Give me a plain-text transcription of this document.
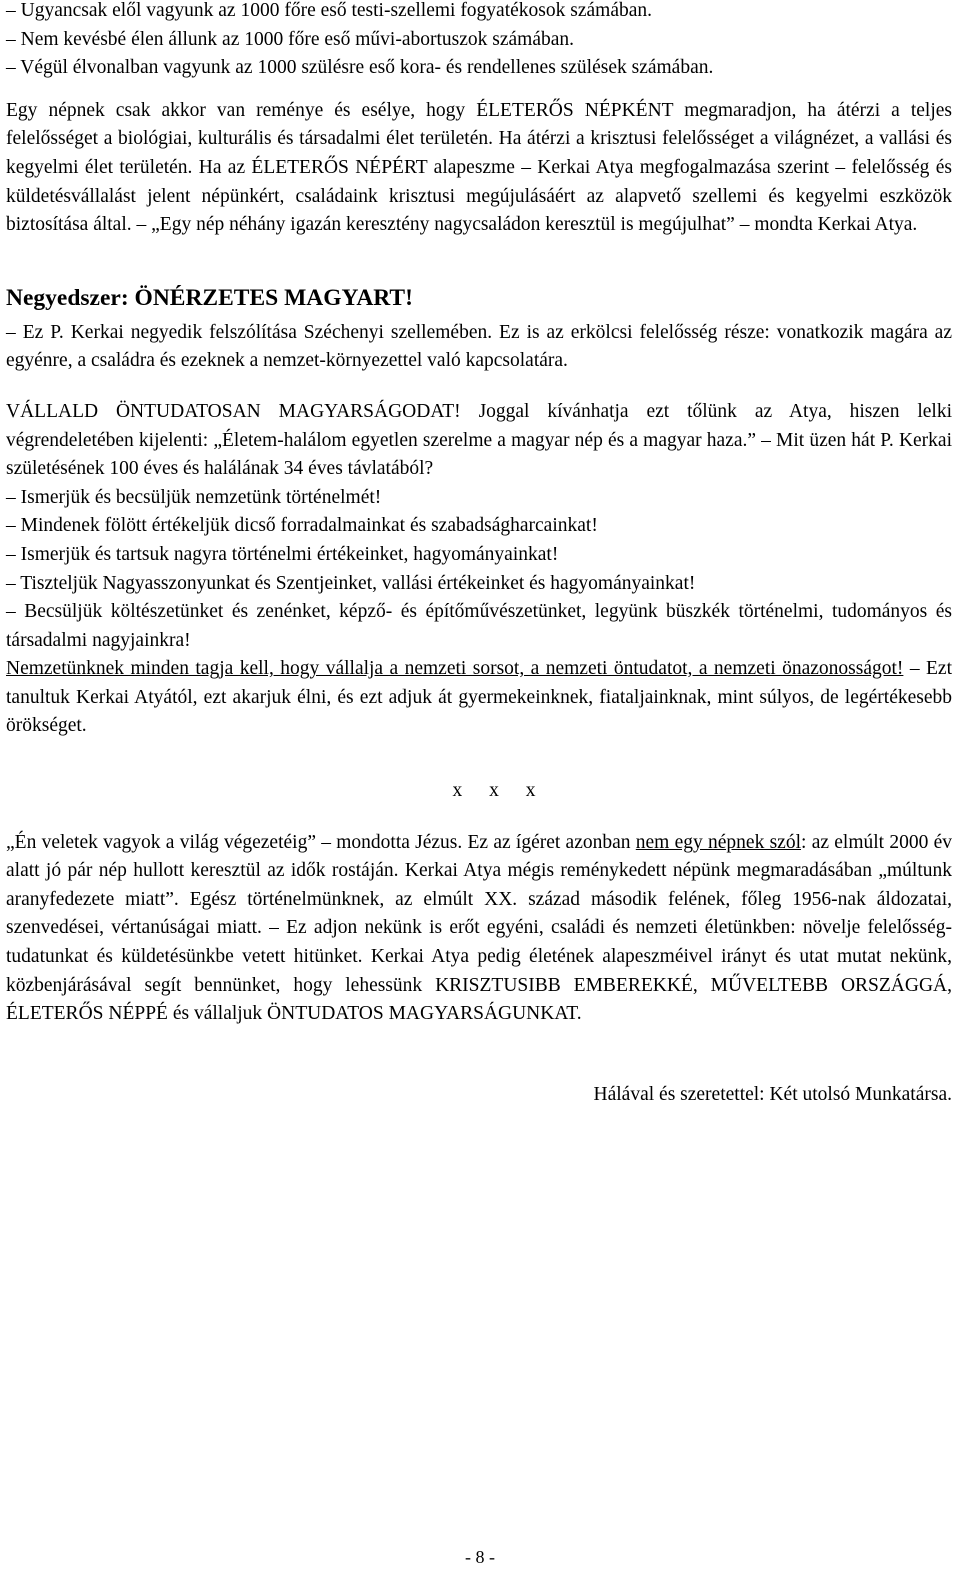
– Ugyancsak elől vagyunk az 1000 főre eső testi-szellemi fogyatékosok számában.
– Nem kevésbé élen állunk az 1000 főre eső művi-abortuszok számában.
– Végül élvonalban vagyunk az 1000 szülésre eső kora- és rendellenes szülések számában.

Egy népnek csak akkor van reménye és esélye, hogy ÉLETERŐS NÉPKÉNT megmaradjon, ha átérzi a teljes felelősséget a biológiai, kulturális és társadalmi élet területén. Ha átérzi a krisztusi felelősséget a világnézet, a vallási és kegyelmi élet területén. Ha az ÉLETERŐS NÉPÉRT alapeszme – Kerkai Atya megfogalmazása szerint – felelősség és küldetésvállalást jelent népünkért, családaink krisztusi megújulásáért az alapvető szellemi és kegyelmi eszközök biztosítása által. – „Egy nép néhány igazán keresztény nagycsaládon keresztül is megújulhat” – mondta Kerkai Atya.

Negyedszer: ÖNÉRZETES MAGYART!

– Ez P. Kerkai negyedik felszólítása Széchenyi szellemében. Ez is az erkölcsi felelősség része: vonatkozik magára az egyénre, a családra és ezeknek a nemzet-környezettel való kapcsolatára.

VÁLLALD ÖNTUDATOSAN MAGYARSÁGODAT! Joggal kívánhatja ezt tőlünk az Atya, hiszen lelki végrendeletében kijelenti: „Életem-halálom egyetlen szerelme a magyar nép és a magyar haza.” – Mit üzen hát P. Kerkai születésének 100 éves és halálának 34 éves távlatából?

– Ismerjük és becsüljük nemzetünk történelmét!
– Mindenek fölött értékeljük dicső forradalmainkat és szabadságharcainkat!
– Ismerjük és tartsuk nagyra történelmi értékeinket, hagyományainkat!
– Tiszteljük Nagyasszonyunkat és Szentjeinket, vallási értékeinket és hagyományainkat!

– Becsüljük költészetünket és zenénket, képző- és építőművészetünket, legyünk büszkék történelmi, tudományos és társadalmi nagyjainkra!

Nemzetünknek minden tagja kell, hogy vállalja a nemzeti sorsot, a nemzeti öntudatot, a nemzeti önazonosságot! – Ezt tanultuk Kerkai Atyától, ezt akarjuk élni, és ezt adjuk át gyermekeinknek, fiataljainknak, mint súlyos, de legértékesebb örökséget.

x x x

„Én veletek vagyok a világ végezetéig” – mondotta Jézus. Ez az ígéret azonban nem egy népnek szól: az elmúlt 2000 év alatt jó pár nép hullott keresztül az idők rostáján. Kerkai Atya mégis reménykedett népünk megmaradásában „múltunk aranyfedezete miatt”. Egész történelmünknek, az elmúlt XX. század második felének, főleg 1956-nak áldozatai, szenvedései, vértanúságai miatt. – Ez adjon nekünk is erőt egyéni, családi és nemzeti életünkben: növelje felelősség-tudatunkat és küldetésünkbe vetett hitünket. Kerkai Atya pedig életének alapeszméivel irányt és utat mutat nekünk, közbenjárásával segít bennünket, hogy lehessünk KRISZTUSIBB EMBEREKKÉ, MŰVELTEBB ORSZÁGGÁ, ÉLETERŐS NÉPPÉ és vállaljuk ÖNTUDATOS MAGYARSÁGUNKAT.

Hálával és szeretettel: Két utolsó Munkatársa.
- 8 -
